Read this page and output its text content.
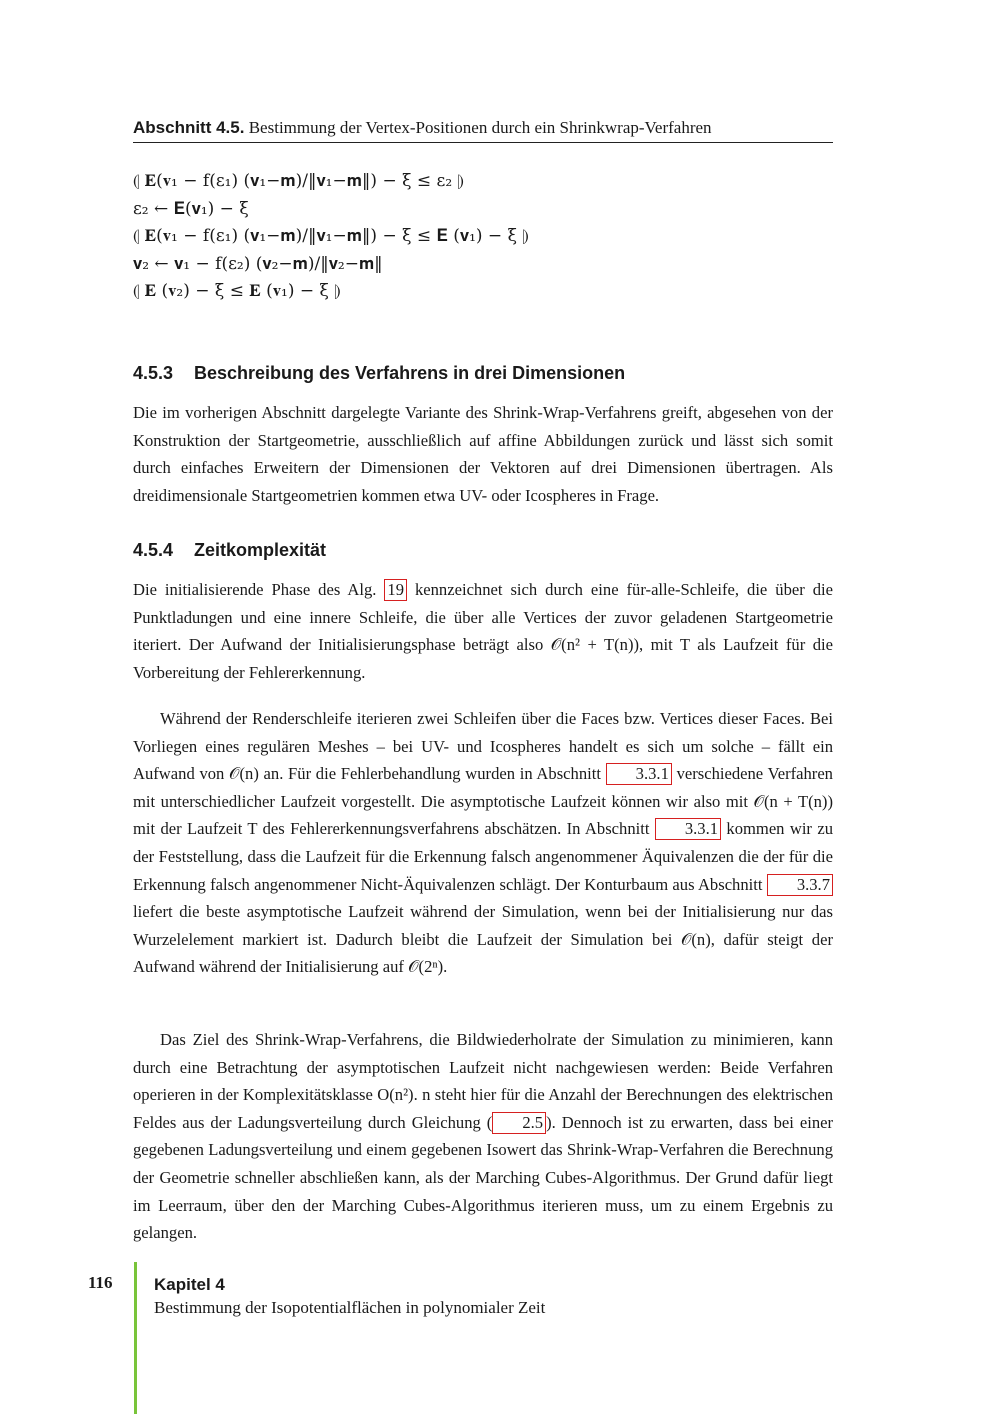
Abschnitt 4.5. Bestimmung der Vertex-Positionen durch ein Shrinkwrap-Verfahren
⦇ 𝐄(𝐯₁ − f(ε₁) (𝐯₁−𝐦)/‖𝐯₁−𝐦‖) − ξ ≤ ε₂ ⦈
ε₂ ← 𝐄(𝐯₁) − ξ
⦇ 𝐄(𝐯₁ − f(ε₁) (𝐯₁−𝐦)/‖𝐯₁−𝐦‖) − ξ ≤ 𝐄 (𝐯₁) − ξ ⦈
𝐯₂ ← 𝐯₁ − f(ε₂) (𝐯₂−𝐦)/‖𝐯₂−𝐦‖
⦇ 𝐄 (𝐯₂) − ξ ≤ 𝐄 (𝐯₁) − ξ ⦈
4.5.3 Beschreibung des Verfahrens in drei Dimensionen
Die im vorherigen Abschnitt dargelegte Variante des Shrink-Wrap-Verfahrens greift, abgesehen von der Konstruktion der Startgeometrie, ausschließlich auf affine Abbildungen zurück und lässt sich somit durch einfaches Erweitern der Dimensionen der Vektoren auf drei Dimensionen übertragen. Als dreidimensionale Startgeometrien kommen etwa UV- oder Icospheres in Frage.
4.5.4 Zeitkomplexität
Die initialisierende Phase des Alg. 19 kennzeichnet sich durch eine für-alle-Schleife, die über die Punktladungen und eine innere Schleife, die über alle Vertices der zuvor geladenen Startgeometrie iteriert. Der Aufwand der Initialisierungsphase beträgt also 𝒪(n² + T(n)), mit T als Laufzeit für die Vorbereitung der Fehlererkennung.
Während der Renderschleife iterieren zwei Schleifen über die Faces bzw. Vertices dieser Faces. Bei Vorliegen eines regulären Meshes – bei UV- und Icospheres handelt es sich um solche – fällt ein Aufwand von 𝒪(n) an. Für die Fehlerbehandlung wurden in Abschnitt 3.3.1 verschiedene Verfahren mit unterschiedlicher Laufzeit vorgestellt. Die asymptotische Laufzeit können wir also mit 𝒪(n + T(n)) mit der Laufzeit T des Fehlererkennungsverfahrens abschätzen. In Abschnitt 3.3.1 kommen wir zu der Feststellung, dass die Laufzeit für die Erkennung falsch angenommener Äquivalenzen die der für die Erkennung falsch angenommener Nicht-Äquivalenzen schlägt. Der Konturbaum aus Abschnitt 3.3.7 liefert die beste asymptotische Laufzeit während der Simulation, wenn bei der Initialisierung nur das Wurzelelement markiert ist. Dadurch bleibt die Laufzeit der Simulation bei 𝒪(n), dafür steigt der Aufwand während der Initialisierung auf 𝒪(2ⁿ).
Das Ziel des Shrink-Wrap-Verfahrens, die Bildwiederholrate der Simulation zu minimieren, kann durch eine Betrachtung der asymptotischen Laufzeit nicht nachgewiesen werden: Beide Verfahren operieren in der Komplexitätsklasse O(n²). n steht hier für die Anzahl der Berechnungen des elektrischen Feldes aus der Ladungsverteilung durch Gleichung ( 2.5 ). Dennoch ist zu erwarten, dass bei einer gegebenen Ladungsverteilung und einem gegebenen Isowert das Shrink-Wrap-Verfahren die Berechnung der Geometrie schneller abschließen kann, als der Marching Cubes-Algorithmus. Der Grund dafür liegt im Leerraum, über den der Marching Cubes-Algorithmus iterieren muss, um zu einem Ergebnis zu gelangen.
116 Kapitel 4
Bestimmung der Isopotentialflächen in polynomialer Zeit
